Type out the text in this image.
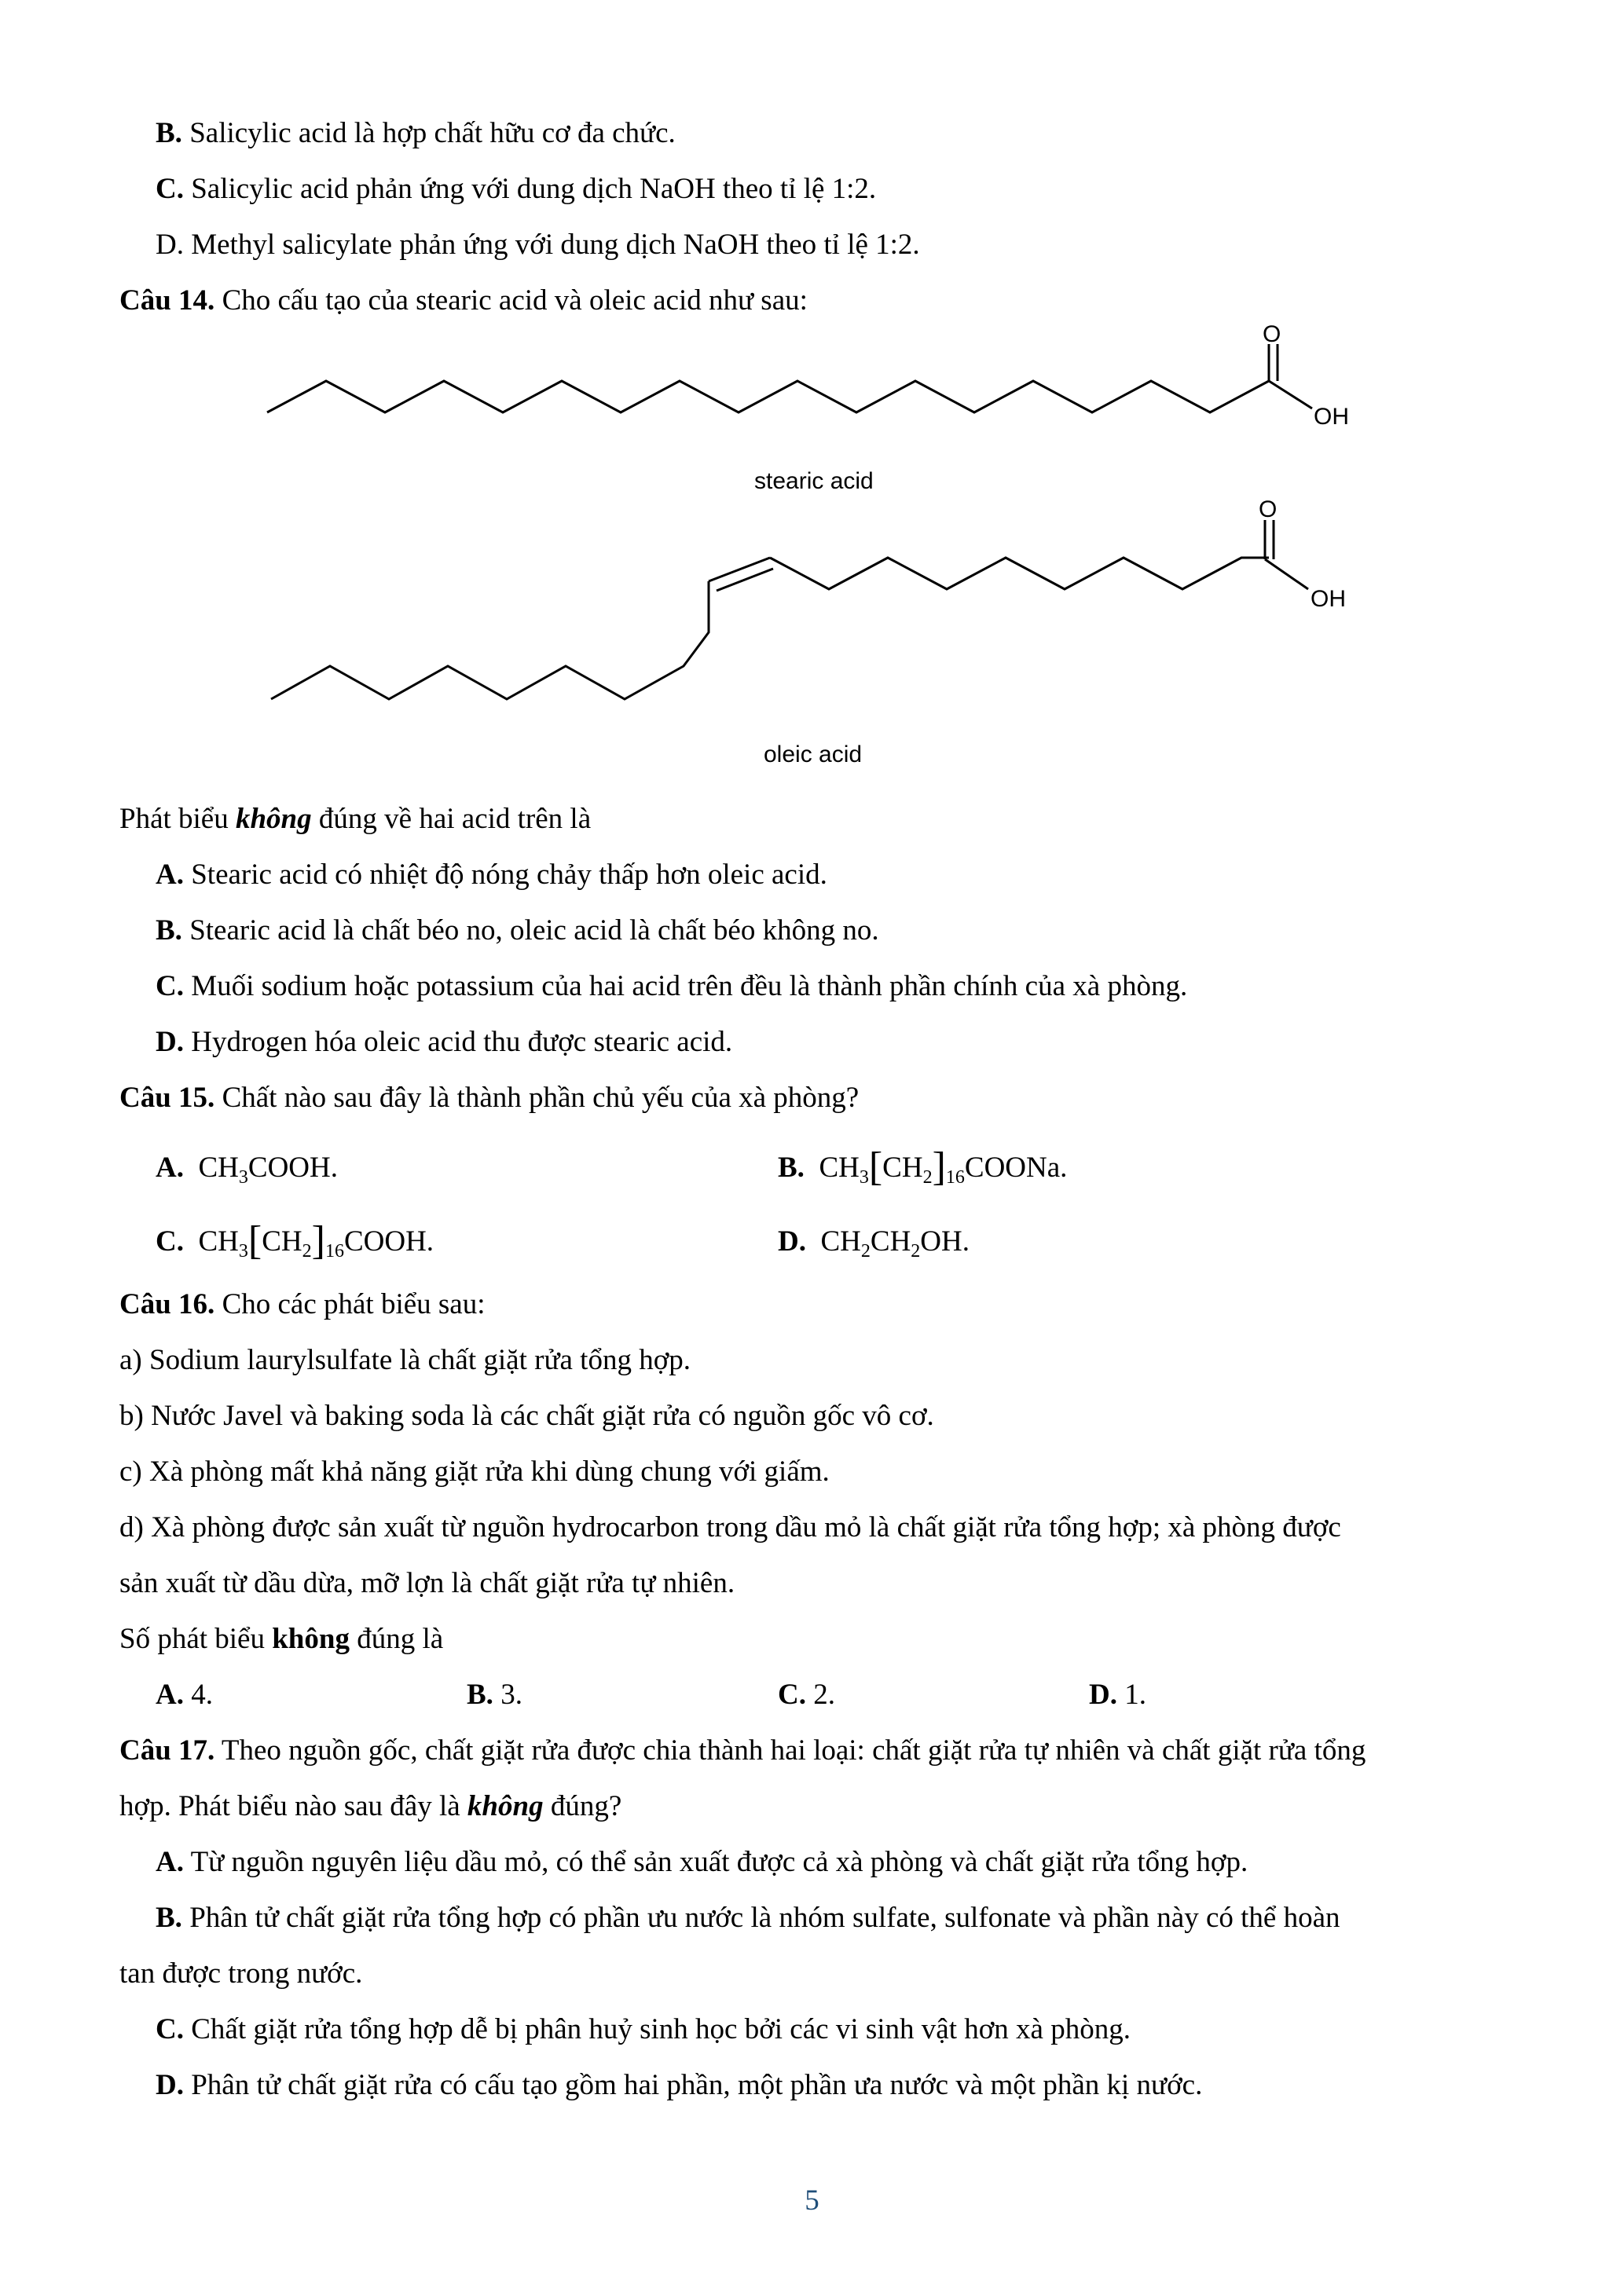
B. Salicylic acid là hợp chất hữu cơ đa chức.
C. Salicylic acid phản ứng với dung dịch NaOH theo tỉ lệ 1:2.
D. Methyl salicylate phản ứng với dung dịch NaOH theo tỉ lệ 1:2.
Câu 14. Cho cấu tạo của stearic acid và oleic acid như sau:
O
OH
stearic acid
O
OH
oleic acid
Phát biểu không đúng về hai acid trên là
A. Stearic acid có nhiệt độ nóng chảy thấp hơn oleic acid.
B. Stearic acid là chất béo no, oleic acid là chất béo không no.
C. Muối sodium hoặc potassium của hai acid trên đều là thành phần chính của xà phòng.
D. Hydrogen hóa oleic acid thu được stearic acid.
Câu 15. Chất nào sau đây là thành phần chủ yếu của xà phòng?
A. $CH_3COOH$.	B. $CH_3[CH_2]_{16}COONa$.
C. $CH_3[CH_2]_{16}COOH$.	D. $CH_2CH_2OH$.
Câu 16. Cho các phát biểu sau:
a) Sodium laurylsulfate là chất giặt rửa tổng hợp.
b) Nước Javel và baking soda là các chất giặt rửa có nguồn gốc vô cơ.
c) Xà phòng mất khả năng giặt rửa khi dùng chung với giấm.
d) Xà phòng được sản xuất từ nguồn hydrocarbon trong dầu mỏ là chất giặt rửa tổng hợp; xà phòng được
sản xuất từ dầu dừa, mỡ lợn là chất giặt rửa tự nhiên.
Số phát biểu không đúng là
A. 4.	B. 3.	C. 2.	D. 1.
Câu 17. Theo nguồn gốc, chất giặt rửa được chia thành hai loại: chất giặt rửa tự nhiên và chất giặt rửa tổng
hợp. Phát biểu nào sau đây là không đúng?
A. Từ nguồn nguyên liệu dầu mỏ, có thể sản xuất được cả xà phòng và chất giặt rửa tổng hợp.
B. Phân tử chất giặt rửa tổng hợp có phần ưu nước là nhóm sulfate, sulfonate và phần này có thể hoàn
tan được trong nước.
C. Chất giặt rửa tổng hợp dễ bị phân huỷ sinh học bởi các vi sinh vật hơn xà phòng.
D. Phân tử chất giặt rửa có cấu tạo gồm hai phần, một phần ưa nước và một phần kị nước.
5
